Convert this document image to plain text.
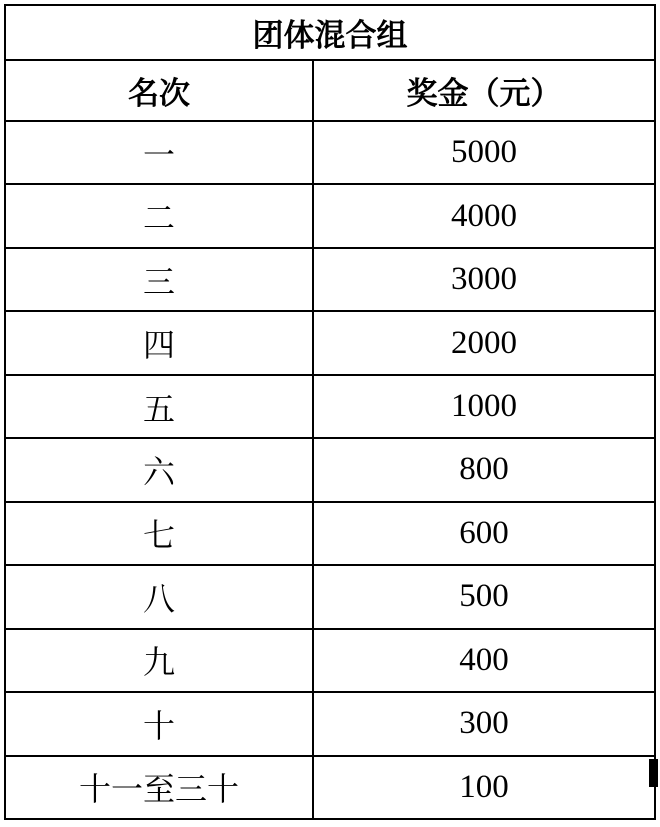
团体混合组	
名次	奖金（元）
一	5000
二	4000
三	3000
四	2000
五	1000
六	800
七	600
八	500
九	400
十	300
十一至三十	100
